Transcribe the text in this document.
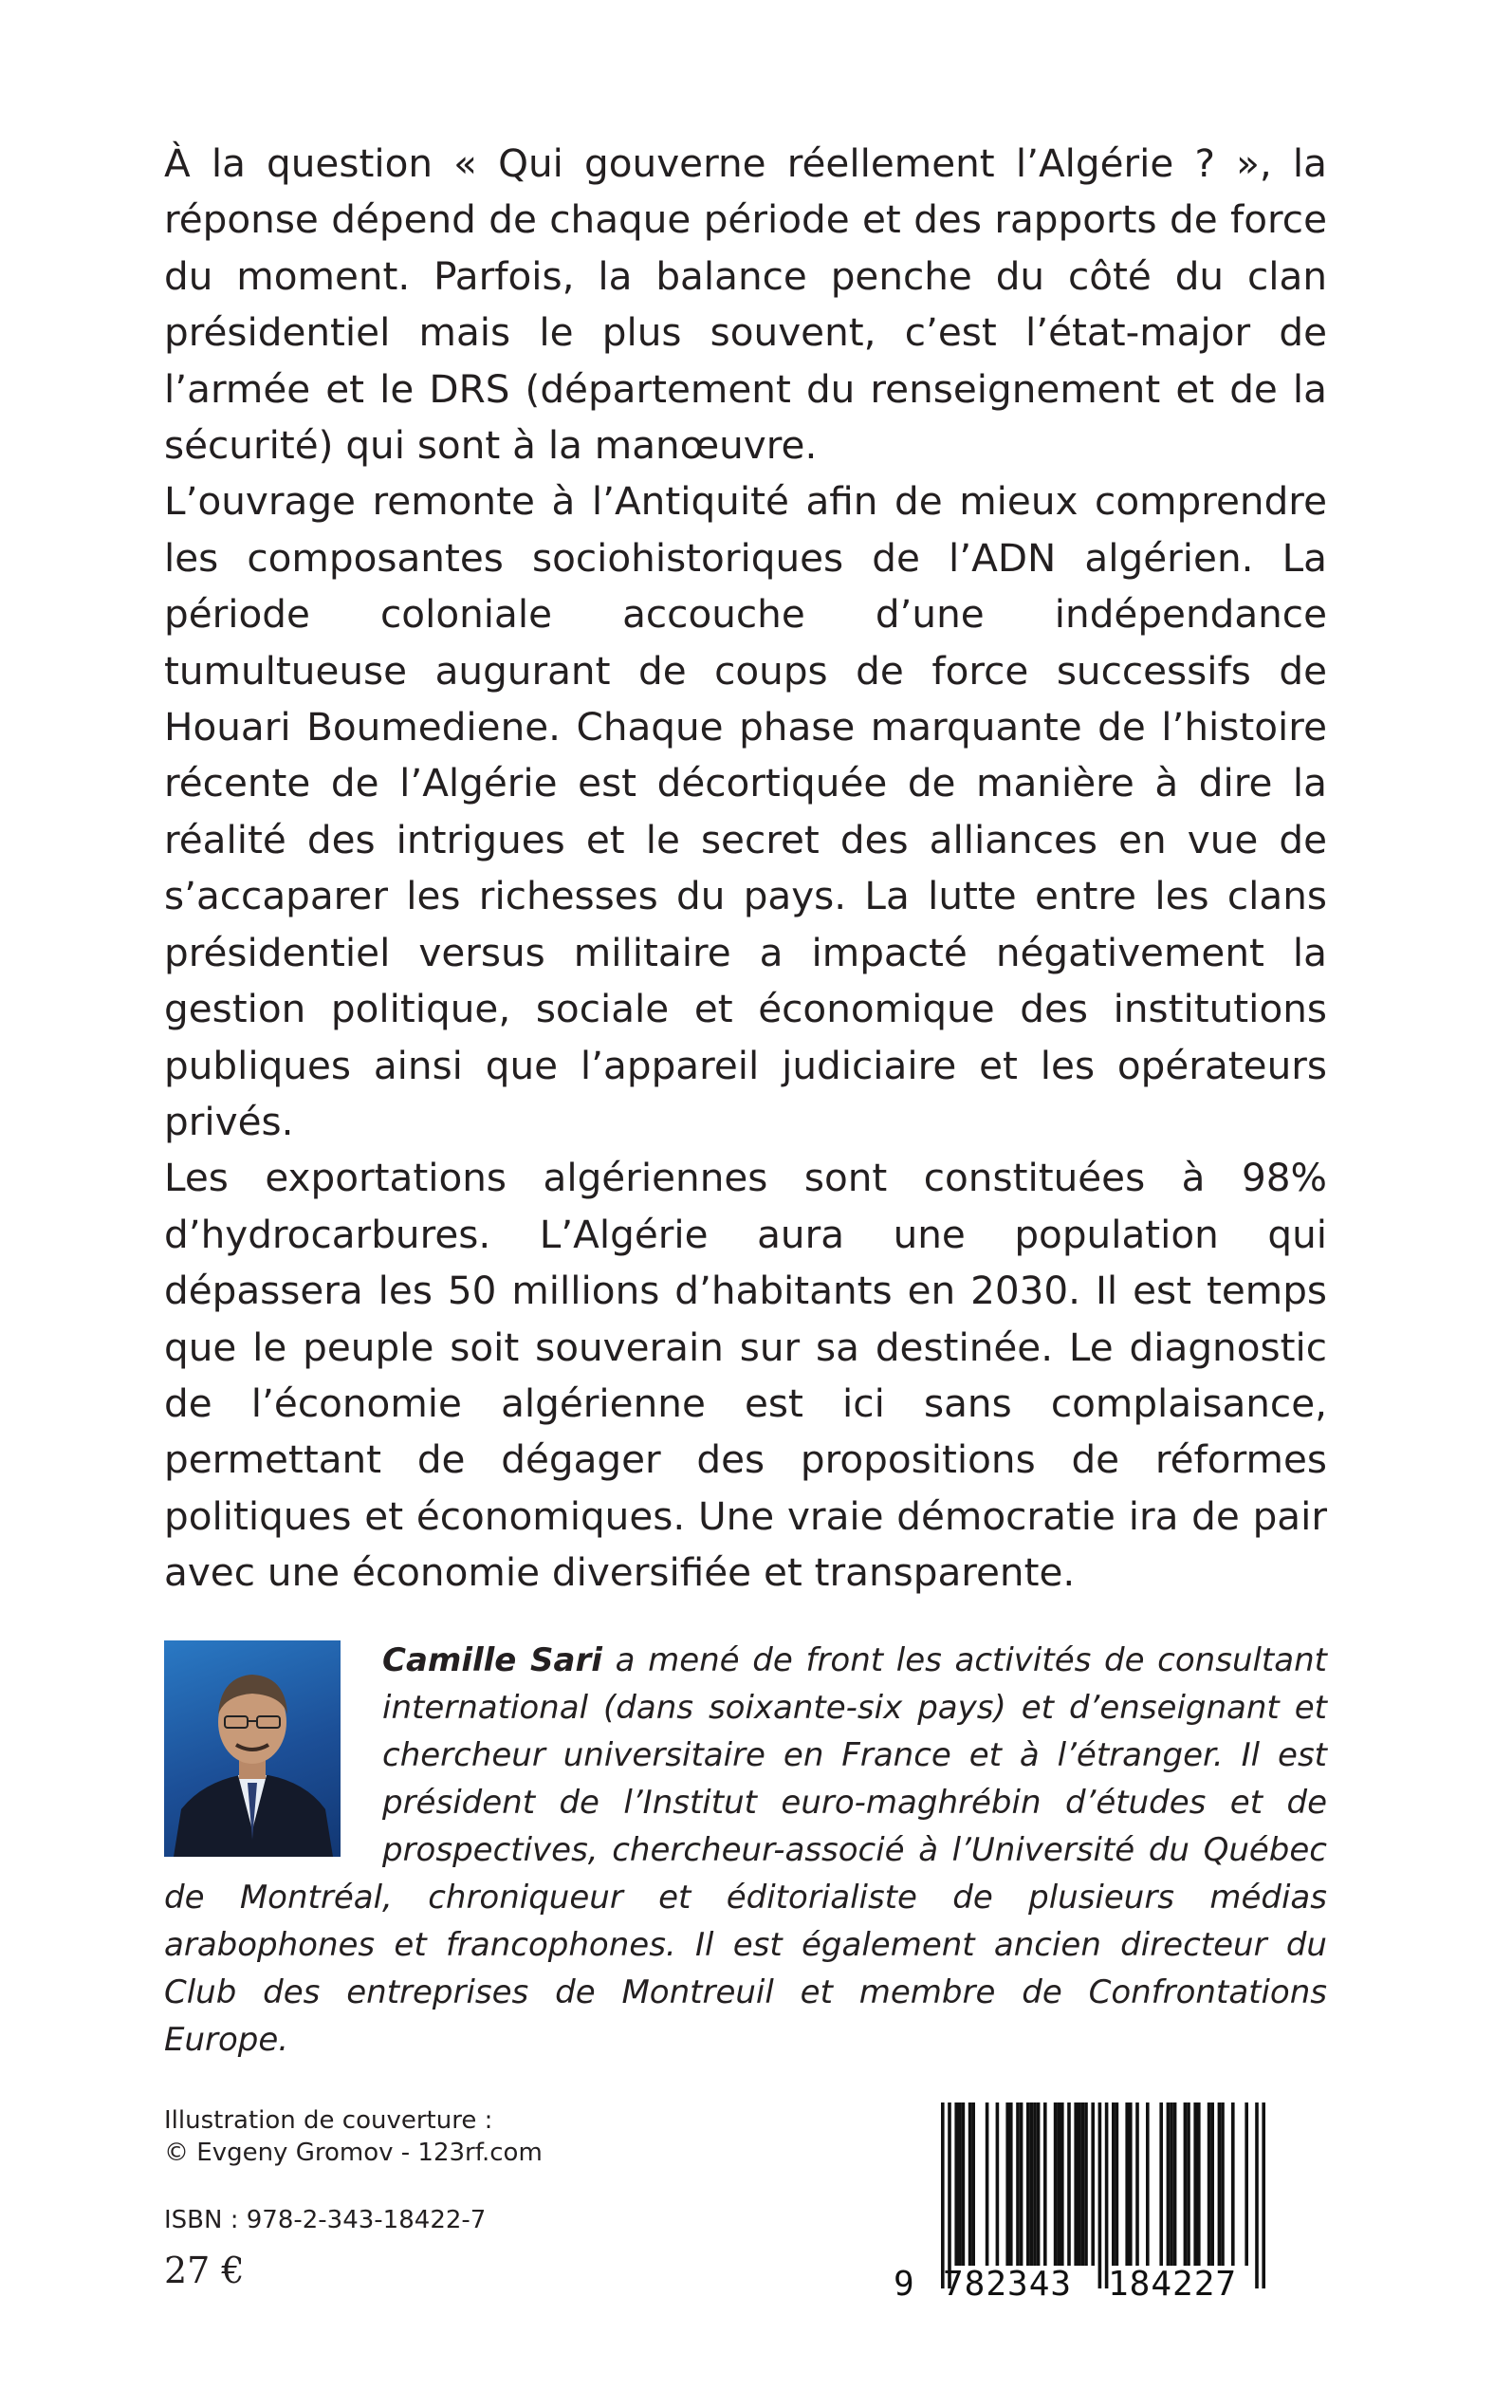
À la question « Qui gouverne réellement l’Algérie ? », la réponse dépend de chaque période et des rapports de force du moment. Parfois, la balance penche du côté du clan présidentiel mais le plus souvent, c’est l’état-major de l’armée et le DRS (département du renseignement et de la sécurité) qui sont à la manœuvre.

L’ouvrage remonte à l’Antiquité afin de mieux comprendre les composantes sociohistoriques de l’ADN algérien. La période coloniale accouche d’une indépendance tumultueuse augurant de coups de force successifs de Houari Boumediene. Chaque phase marquante de l’histoire récente de l’Algérie est décortiquée de manière à dire la réalité des intrigues et le secret des alliances en vue de s’accaparer les richesses du pays. La lutte entre les clans présidentiel versus militaire a impacté négativement la gestion politique, sociale et économique des institutions publiques ainsi que l’appareil judiciaire et les opérateurs privés.

Les exportations algériennes sont constituées à 98% d’hydrocarbures. L’Algérie aura une population qui dépassera les 50 millions d’habitants en 2030. Il est temps que le peuple soit souverain sur sa destinée. Le diagnostic de l’économie algérienne est ici sans complaisance, permettant de dégager des propositions de réformes politiques et économiques. Une vraie démocratie ira de pair avec une économie diversifiée et transparente.

Camille Sari a mené de front les activités de consultant international (dans soixante-six pays) et d’enseignant et chercheur universitaire en France et à l’étranger. Il est président de l’Institut euro-maghrébin d’études et de prospectives, chercheur-associé à l’Université du Québec de Montréal, chroniqueur et éditorialiste de plusieurs médias arabophones et francophones. Il est également ancien directeur du Club des entreprises de Montreuil et membre de Confrontations Europe.
Illustration de couverture :
© Evgeny Gromov - 123rf.com
ISBN : 978-2-343-18422-7
27 €	9 782343 184227
